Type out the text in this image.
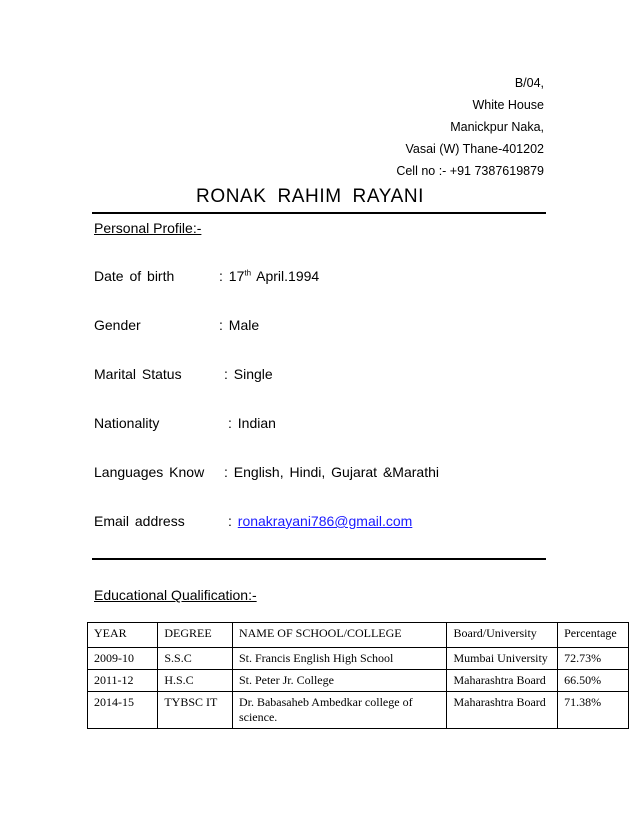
B/04,
White House
Manickpur Naka,
Vasai (W) Thane-401202
Cell no :- +91 7387619879
RONAK RAHIM RAYANI
Personal Profile:-
Date of birth	: 17th April.1994
Gender	: Male
Marital Status	: Single
Nationality	: Indian
Languages Know : English, Hindi, Gujarat &Marathi
Email address	: ronakrayani786@gmail.com
Educational Qualification:-
YEAR	DEGREE	NAME OF SCHOOL/COLLEGE	Board/University	Percentage
2009-10	S.S.C	St. Francis English High School	Mumbai University	72.73%
2011-12	H.S.C	St. Peter Jr. College	Maharashtra Board	66.50%
2014-15	TYBSC IT	Dr. Babasaheb Ambedkar college of science.	Maharashtra Board	71.38%
